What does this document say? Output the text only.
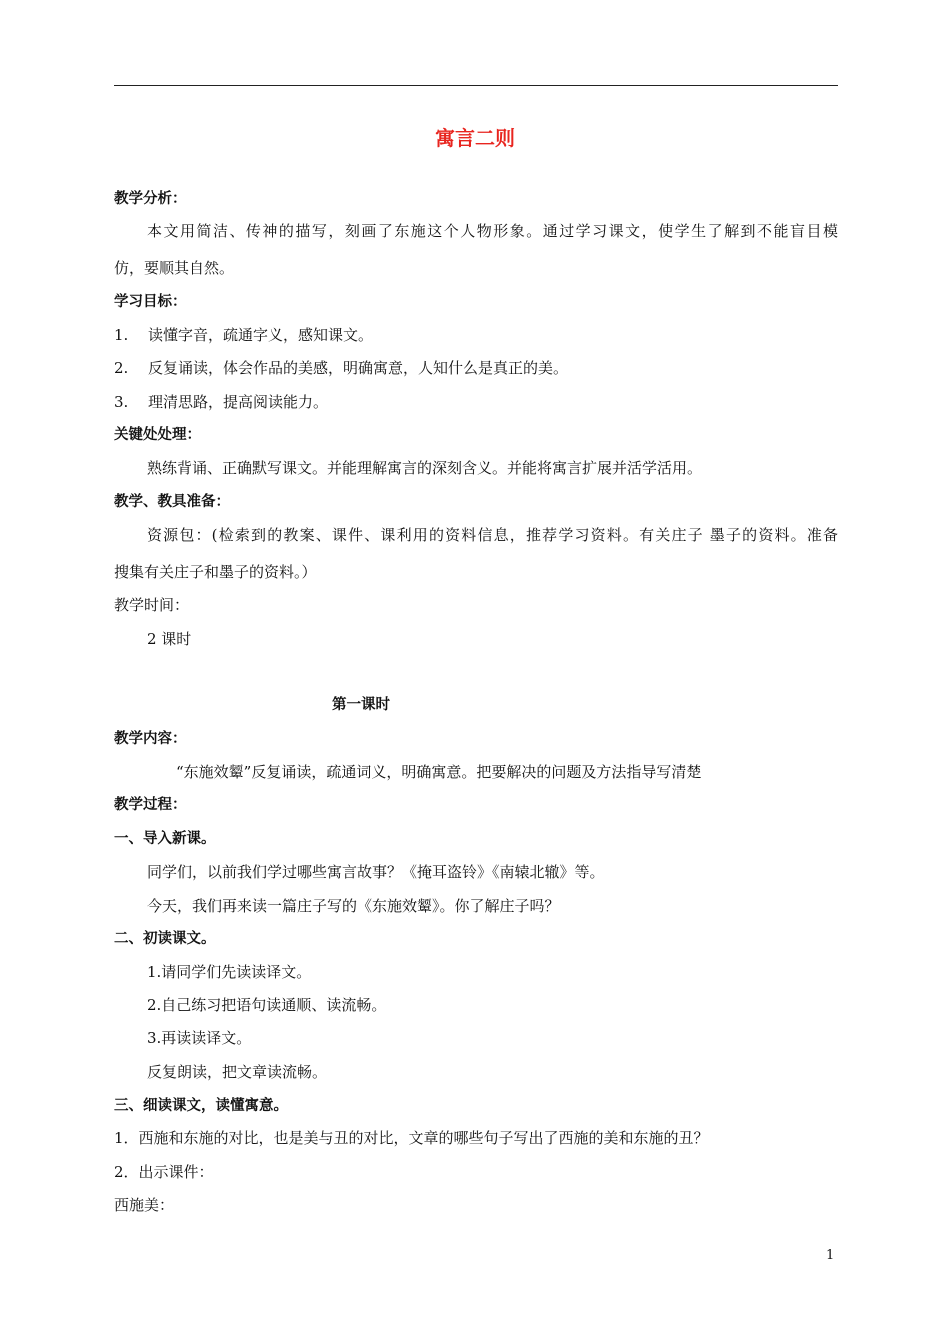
寓言二则
教学分析：
本文用简洁、传神的描写，刻画了东施这个人物形象。通过学习课文，使学生了解到不能盲目模
仿，要顺其自然。
学习目标：
1. 读懂字音，疏通字义，感知课文。
2. 反复诵读，体会作品的美感，明确寓意，人知什么是真正的美。
3. 理清思路，提高阅读能力。
关键处处理：
熟练背诵、正确默写课文。并能理解寓言的深刻含义。并能将寓言扩展并活学活用。
教学、教具准备：
资源包：(检索到的教案、课件、课利用的资料信息，推荐学习资料。有关庄子 墨子的资料。准备
搜集有关庄子和墨子的资料。）
教学时间：
2 课时
第一课时
教学内容：
“东施效颦”反复诵读，疏通词义，明确寓意。把要解决的问题及方法指导写清楚
教学过程：
一、导入新课。
同学们，以前我们学过哪些寓言故事？《掩耳盗铃》《南辕北辙》等。
今天，我们再来读一篇庄子写的《东施效颦》。你了解庄子吗？
二、初读课文。
1.请同学们先读读译文。
2.自己练习把语句读通顺、读流畅。
3.再读读译文。
反复朗读，把文章读流畅。
三、细读课文，读懂寓意。
1．西施和东施的对比，也是美与丑的对比，文章的哪些句子写出了西施的美和东施的丑？
2．出示课件：
西施美：
1
